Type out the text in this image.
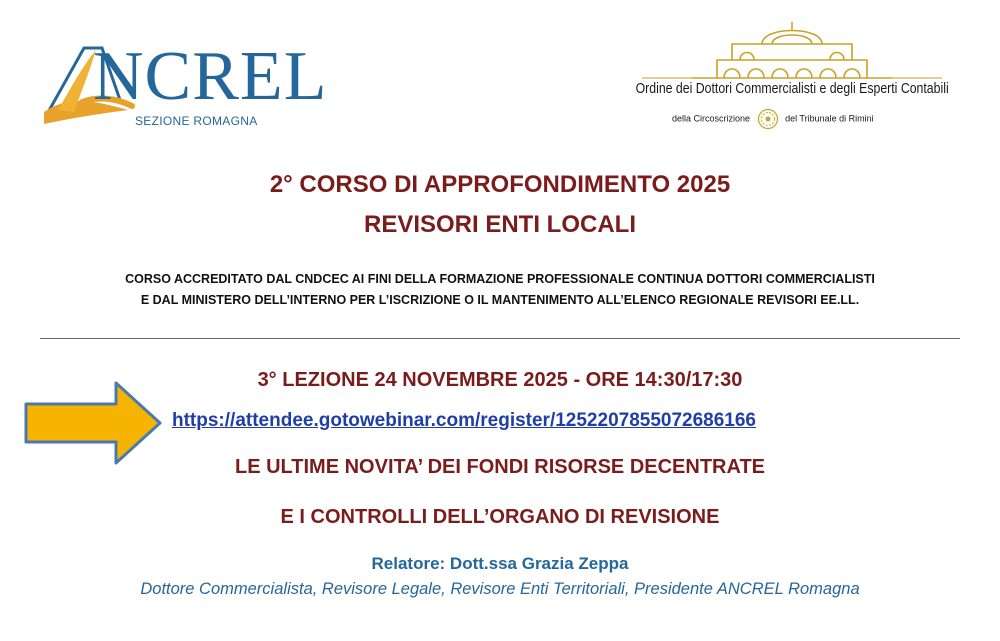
NCREL
SEZIONE ROMAGNA
Ordine dei Dottori Commercialisti e degli Esperti Contabili
della Circoscrizione	del Tribunale di Rimini
2° CORSO DI APPROFONDIMENTO 2025
REVISORI ENTI LOCALI
CORSO ACCREDITATO DAL CNDCEC AI FINI DELLA FORMAZIONE PROFESSIONALE CONTINUA DOTTORI COMMERCIALISTI
E DAL MINISTERO DELL’INTERNO PER L’ISCRIZIONE O IL MANTENIMENTO ALL’ELENCO REGIONALE REVISORI EE.LL.
3° LEZIONE 24 NOVEMBRE 2025 - ORE 14:30/17:30
https://attendee.gotowebinar.com/register/1252207855072686166
LE ULTIME NOVITA’ DEI FONDI RISORSE DECENTRATE
E I CONTROLLI DELL’ORGANO DI REVISIONE
Relatore: Dott.ssa Grazia Zeppa
Dottore Commercialista, Revisore Legale, Revisore Enti Territoriali, Presidente ANCREL Romagna
